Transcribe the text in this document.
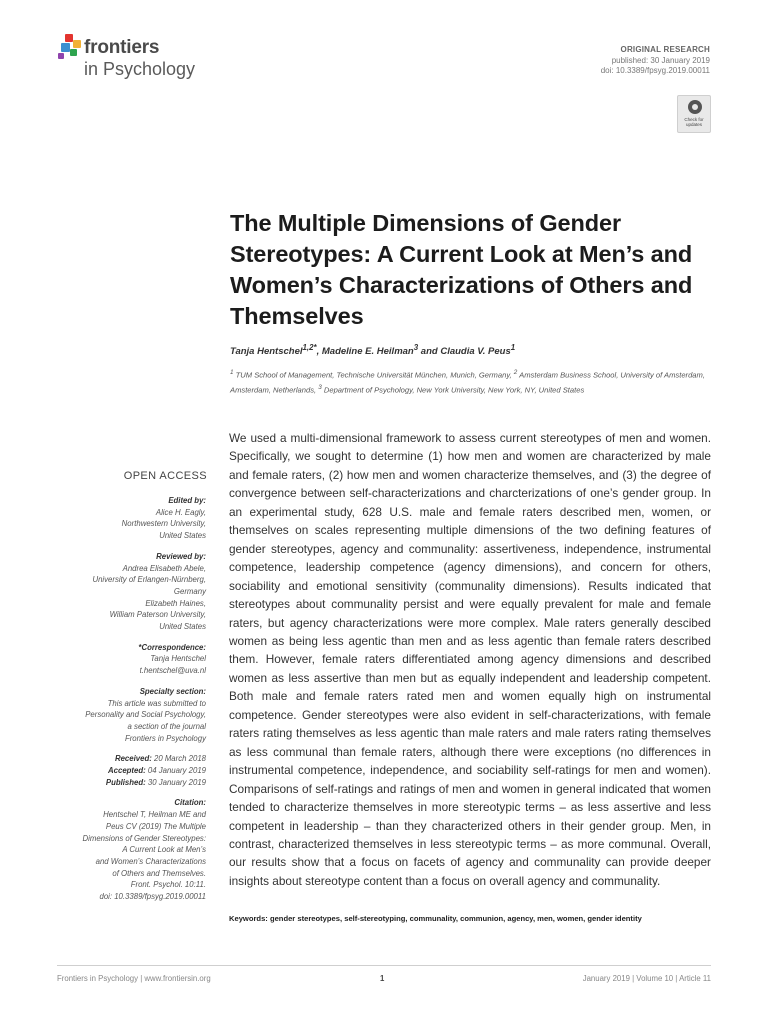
frontiers
in Psychology
ORIGINAL RESEARCH
published: 30 January 2019
doi: 10.3389/fpsyg.2019.00011
Check for
updates
The Multiple Dimensions of Gender Stereotypes: A Current Look at Men’s and Women’s Characterizations of Others and Themselves
Tanja Hentschel$^{1,2*}$, Madeline E. Heilman$^3$ and Claudia V. Peus$^1$
$^1$ TUM School of Management, Technische Universität München, Munich, Germany, $^2$ Amsterdam Business School, University of Amsterdam, Amsterdam, Netherlands, $^3$ Department of Psychology, New York University, New York, NY, United States
OPEN ACCESS
Edited by:
Alice H. Eagly,
Northwestern University,
United States
Reviewed by:
Andrea Elisabeth Abele,
University of Erlangen-Nürnberg,
Germany
Elizabeth Haines,
William Paterson University,
United States
*Correspondence:
Tanja Hentschel
t.hentschel@uva.nl
Specialty section:
This article was submitted to
Personality and Social Psychology,
a section of the journal
Frontiers in Psychology
Received: 20 March 2018
Accepted: 04 January 2019
Published: 30 January 2019
Citation:
Hentschel T, Heilman ME and
Peus CV (2019) The Multiple
Dimensions of Gender Stereotypes:
A Current Look at Men’s
and Women’s Characterizations
of Others and Themselves.
Front. Psychol. 10:11.
doi: 10.3389/fpsyg.2019.00011
We used a multi-dimensional framework to assess current stereotypes of men and women. Specifically, we sought to determine (1) how men and women are characterized by male and female raters, (2) how men and women characterize themselves, and (3) the degree of convergence between self-characterizations and charcterizations of one’s gender group. In an experimental study, 628 U.S. male and female raters described men, women, or themselves on scales representing multiple dimensions of the two defining features of gender stereotypes, agency and communality: assertiveness, independence, instrumental competence, leadership competence (agency dimensions), and concern for others, sociability and emotional sensitivity (communality dimensions). Results indicated that stereotypes about communality persist and were equally prevalent for male and female raters, but agency characterizations were more complex. Male raters generally descibed women as being less agentic than men and as less agentic than female raters described them. However, female raters differentiated among agency dimensions and described women as less assertive than men but as equally independent and leadership competent. Both male and female raters rated men and women equally high on instrumental competence. Gender stereotypes were also evident in self-characterizations, with female raters rating themselves as less agentic than male raters and male raters rating themselves as less communal than female raters, although there were exceptions (no differences in instrumental competence, independence, and sociability self-ratings for men and women). Comparisons of self-ratings and ratings of men and women in general indicated that women tended to characterize themselves in more stereotypic terms – as less assertive and less competent in leadership – than they characterized others in their gender group. Men, in contrast, characterized themselves in less stereotypic terms – as more communal. Overall, our results show that a focus on facets of agency and communality can provide deeper insights about stereotype content than a focus on overall agency and communality.
Keywords: gender stereotypes, self-stereotyping, communality, communion, agency, men, women, gender identity
Frontiers in Psychology | www.frontiersin.org	1	January 2019 | Volume 10 | Article 11
